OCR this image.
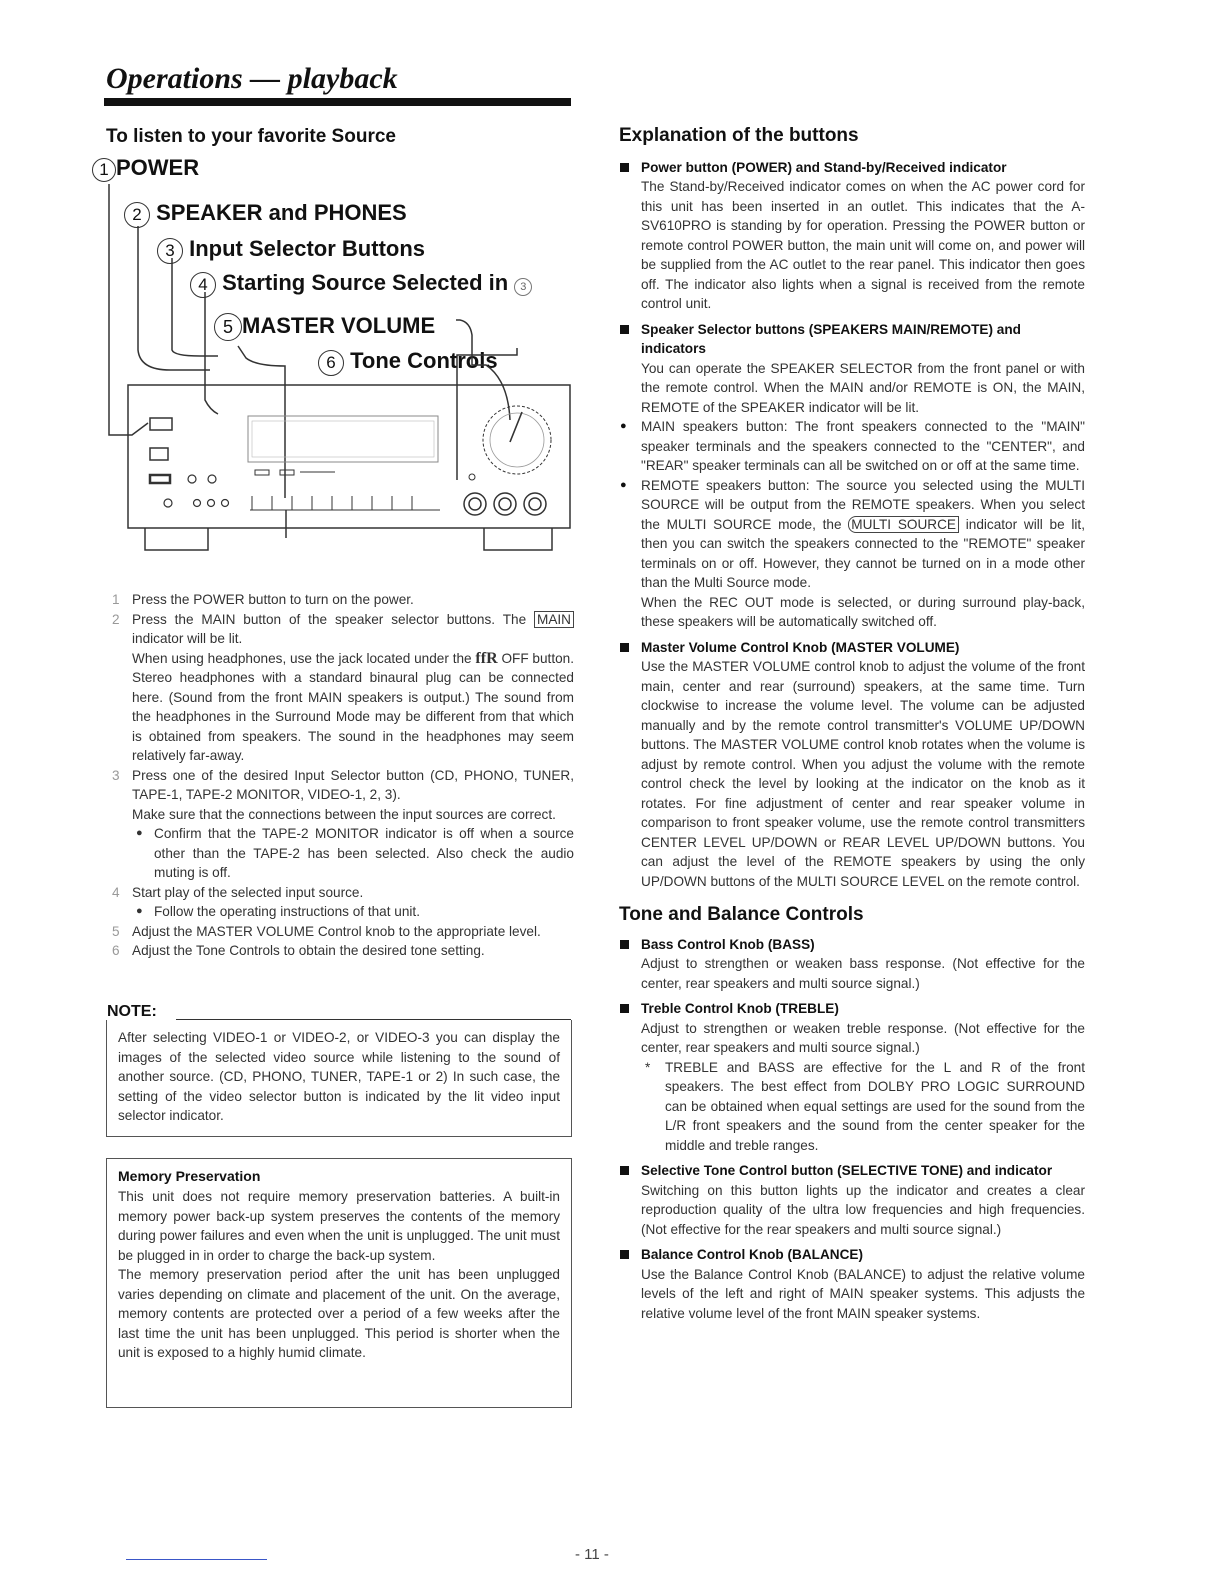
Operations — playback
To listen to your favorite Source
1 POWER
2 SPEAKER and PHONES
3 Input Selector Buttons
4 Starting Source Selected in 3
5 MASTER VOLUME
6 Tone Controls
1 Press the POWER button to turn on the power.

2 Press the MAIN button of the speaker selector buttons. The MAIN indicator will be lit.

When using headphones, use the jack located under the ffR OFF button. Stereo headphones with a standard binaural plug can be connected here. (Sound from the front MAIN speakers is output.) The sound from the headphones in the Surround Mode may be different from that which is obtained from speakers. The sound in the headphones may seem relatively far-away.

3 Press one of the desired Input Selector button (CD, PHONO, TUNER, TAPE-1, TAPE-2 MONITOR, VIDEO-1, 2, 3).

Make sure that the connections between the input sources are correct.

● Confirm that the TAPE-2 MONITOR indicator is off when a source other than the TAPE-2 has been selected. Also check the audio muting is off.

4 Start play of the selected input source.

● Follow the operating instructions of that unit.

5 Adjust the MASTER VOLUME Control knob to the appropriate level.

6 Adjust the Tone Controls to obtain the desired tone setting.

NOTE:
After selecting VIDEO-1 or VIDEO-2, or VIDEO-3 you can display the images of the selected video source while listening to the sound of another source. (CD, PHONO, TUNER, TAPE-1 or 2) In such case, the setting of the video selector button is indicated by the lit video input selector indicator.
Memory Preservation

This unit does not require memory preservation batteries. A built-in memory power back-up system preserves the contents of the memory during power failures and even when the unit is unplugged. The unit must be plugged in in order to charge the back-up system.

The memory preservation period after the unit has been unplugged varies depending on climate and placement of the unit. On the average, memory contents are protected over a period of a few weeks after the last time the unit has been unplugged. This period is shorter when the unit is exposed to a highly humid climate.

Explanation of the buttons
Power button (POWER) and Stand-by/Received indicator

The Stand-by/Received indicator comes on when the AC power cord for this unit has been inserted in an outlet. This indicates that the A-SV610PRO is standing by for operation. Pressing the POWER button or remote control POWER button, the main unit will come on, and power will be supplied from the AC outlet to the rear panel. This indicator then goes off. The indicator also lights when a signal is received from the remote control unit.

Speaker Selector buttons (SPEAKERS MAIN/REMOTE) and indicators

You can operate the SPEAKER SELECTOR from the front panel or with the remote control. When the MAIN and/or REMOTE is ON, the MAIN, REMOTE of the SPEAKER indicator will be lit.

● MAIN speakers button: The front speakers connected to the "MAIN" speaker terminals and the speakers connected to the "CENTER", and "REAR" speaker terminals can all be switched on or off at the same time.

● REMOTE speakers button: The source you selected using the MULTI SOURCE will be output from the REMOTE speakers. When you select the MULTI SOURCE mode, the MULTI SOURCE indicator will be lit, then you can switch the speakers connected to the "REMOTE" speaker terminals on or off. However, they cannot be turned on in a mode other than the Multi Source mode.

When the REC OUT mode is selected, or during surround play-back, these speakers will be automatically switched off.

Master Volume Control Knob (MASTER VOLUME)

Use the MASTER VOLUME control knob to adjust the volume of the front main, center and rear (surround) speakers, at the same time. Turn clockwise to increase the volume level. The volume can be adjusted manually and by the remote control transmitter's VOLUME UP/DOWN buttons. The MASTER VOLUME control knob rotates when the volume is adjust by remote control. When you adjust the volume with the remote control check the level by looking at the indicator on the knob as it rotates. For fine adjustment of center and rear speaker volume in comparison to front speaker volume, use the remote control transmitters CENTER LEVEL UP/DOWN or REAR LEVEL UP/DOWN buttons. You can adjust the level of the REMOTE speakers by using the only UP/DOWN buttons of the MULTI SOURCE LEVEL on the remote control.

Tone and Balance Controls
Bass Control Knob (BASS)

Adjust to strengthen or weaken bass response. (Not effective for the center, rear speakers and multi source signal.)

Treble Control Knob (TREBLE)

Adjust to strengthen or weaken treble response. (Not effective for the center, rear speakers and multi source signal.)

* TREBLE and BASS are effective for the L and R of the front speakers. The best effect from DOLBY PRO LOGIC SURROUND can be obtained when equal settings are used for the sound from the L/R front speakers and the sound from the center speaker for the middle and treble ranges.

Selective Tone Control button (SELECTIVE TONE) and indicator

Switching on this button lights up the indicator and creates a clear reproduction quality of the ultra low frequencies and high frequencies. (Not effective for the rear speakers and multi source signal.)

Balance Control Knob (BALANCE)

Use the Balance Control Knob (BALANCE) to adjust the relative volume levels of the left and right of MAIN speaker systems. This adjusts the relative volume level of the front MAIN speaker systems.

- 11 -
